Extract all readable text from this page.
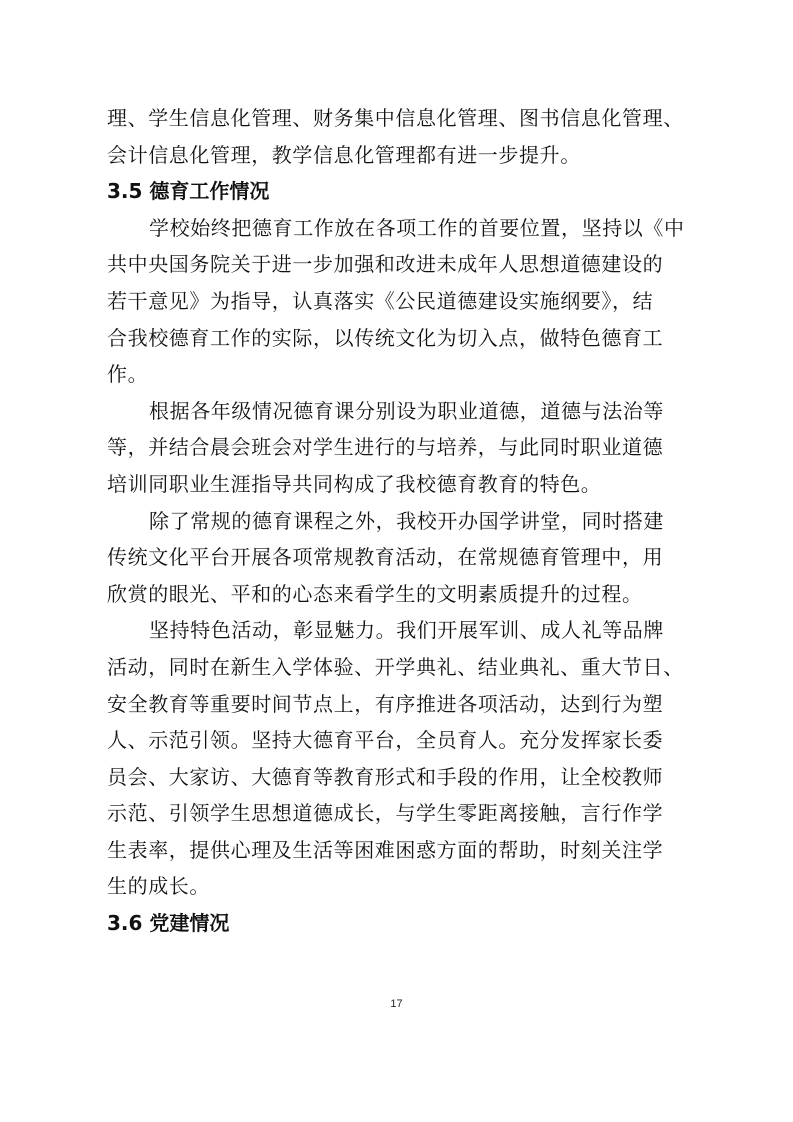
理、学生信息化管理、财务集中信息化管理、图书信息化管理、
会计信息化管理，教学信息化管理都有进一步提升。
3.5 德育工作情况
学校始终把德育工作放在各项工作的首要位置，坚持以《中
共中央国务院关于进一步加强和改进未成年人思想道德建设的
若干意见》为指导，认真落实《公民道德建设实施纲要》，结
合我校德育工作的实际，以传统文化为切入点，做特色德育工
作。
根据各年级情况德育课分别设为职业道德，道德与法治等
等，并结合晨会班会对学生进行的与培养，与此同时职业道德
培训同职业生涯指导共同构成了我校德育教育的特色。
除了常规的德育课程之外，我校开办国学讲堂，同时搭建
传统文化平台开展各项常规教育活动，在常规德育管理中，用
欣赏的眼光、平和的心态来看学生的文明素质提升的过程。
坚持特色活动，彰显魅力。我们开展军训、成人礼等品牌
活动，同时在新生入学体验、开学典礼、结业典礼、重大节日、
安全教育等重要时间节点上，有序推进各项活动，达到行为塑
人、示范引领。坚持大德育平台，全员育人。充分发挥家长委
员会、大家访、大德育等教育形式和手段的作用，让全校教师
示范、引领学生思想道德成长，与学生零距离接触，言行作学
生表率，提供心理及生活等困难困惑方面的帮助，时刻关注学
生的成长。
3.6 党建情况
17
